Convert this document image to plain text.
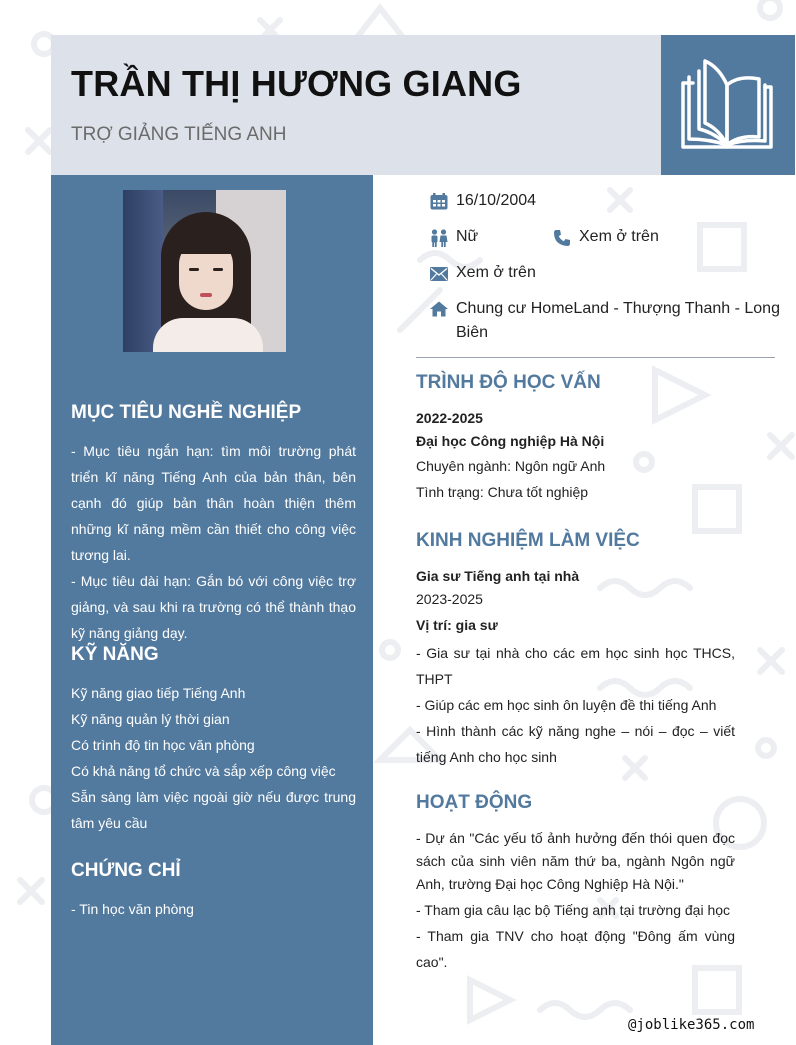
TRẦN THỊ HƯƠNG GIANG
TRỢ GIẢNG TIẾNG ANH
MỤC TIÊU NGHỀ NGHIỆP

- Mục tiêu ngắn hạn: tìm môi trường phát triển kĩ năng Tiếng Anh của bản thân, bên cạnh đó giúp bản thân hoàn thiện thêm những kĩ năng mềm cần thiết cho công việc tương lai.

- Mục tiêu dài hạn: Gắn bó với công việc trợ giảng, và sau khi ra trường có thể thành thạo kỹ năng giảng dạy.

KỸ NĂNG

Kỹ năng giao tiếp Tiếng Anh

Kỹ năng quản lý thời gian

Có trình độ tin học văn phòng

Có khả năng tổ chức và sắp xếp công việc

Sẵn sàng làm việc ngoài giờ nếu được trung tâm yêu cầu

CHỨNG CHỈ

- Tin học văn phòng

16/10/2004
Nữ	Xem ở trên
Xem ở trên
Chung cư HomeLand - Thượng Thanh - Long
Biên
TRÌNH ĐỘ HỌC VẤN

2022-2025

Đại học Công nghiệp Hà Nội

Chuyên ngành: Ngôn ngữ Anh

Tình trạng: Chưa tốt nghiệp

KINH NGHIỆM LÀM VIỆC

Gia sư Tiếng anh tại nhà

2023-2025

Vị trí: gia sư

- Gia sư tại nhà cho các em học sinh học THCS, THPT

- Giúp các em học sinh ôn luyện đề thi tiếng Anh

- Hình thành các kỹ năng nghe – nói – đọc – viết tiếng Anh cho học sinh

HOẠT ĐỘNG

- Dự án "Các yếu tố ảnh hưởng đến thói quen đọc sách của sinh viên năm thứ ba, ngành Ngôn ngữ Anh, trường Đại học Công Nghiệp Hà Nội."

- Tham gia câu lạc bộ Tiếng anh tại trường đại học

- Tham gia TNV cho hoạt động "Đông ấm vùng cao".

@joblike365.com
